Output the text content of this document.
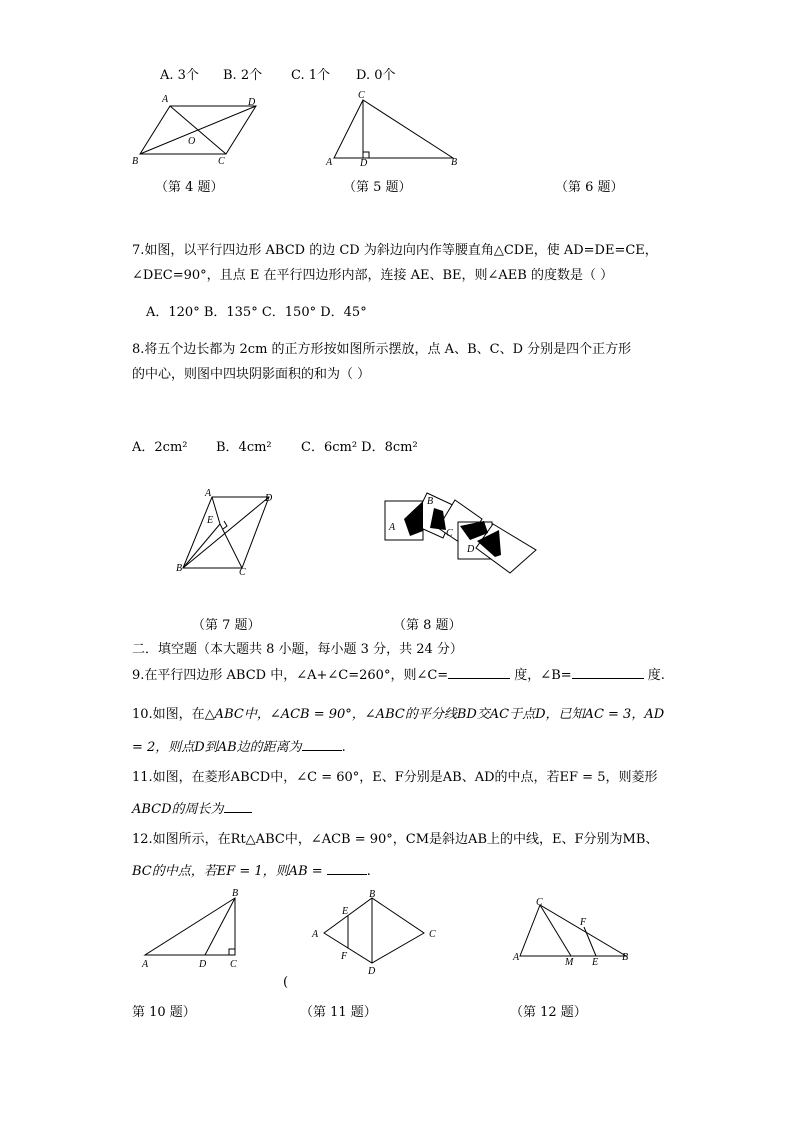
A. 3个 B. 2个 C. 1个 D. 0个
A	D
O
B	C
（第 4 题）
C
A	D	B
（第 5 题）	（第 6 题）
7.如图，以平行四边形 ABCD 的边 CD 为斜边向内作等腰直角△CDE，使 AD=DE=CE，
∠DEC=90°，且点 E 在平行四边形内部，连接 AE、BE，则∠AEB 的度数是（ ）
A．120° B．135° C．150° D．45°
8.将五个边长都为 2cm 的正方形按如图所示摆放，点 A、B、C、D 分别是四个正方形
的中心，则图中四块阴影面积的和为（ ）
A．2cm² B．4cm² C．6cm² D．8cm²
A	D
E
B	C
（第 7 题）
A
B
C
D
（第 8 题）
二．填空题（本大题共 8 小题，每小题 3 分，共 24 分）
9.在平行四边形 ABCD 中，∠A+∠C=260°，则∠C=	度，∠B=	度.
10.如图，在△ABC中，∠ACB = 90°，∠ABC的平分线BD交AC于点D，已知AC = 3，AD
= 2，则点D到AB边的距离为	.
11.如图，在菱形ABCD中，∠C = 60°，E、F分别是AB、AD的中点，若EF = 5，则菱形
ABCD的周长为
12.如图所示，在Rt△ABC中，∠ACB = 90°，CM是斜边AB上的中线，E、F分别为MB、
BC的中点，若EF = 1，则AB =	.
B
A	D C
第 10 题）
E
B
A	C
F
D
(
（第 11 题）
C
F
A	M E B
（第 12 题）
